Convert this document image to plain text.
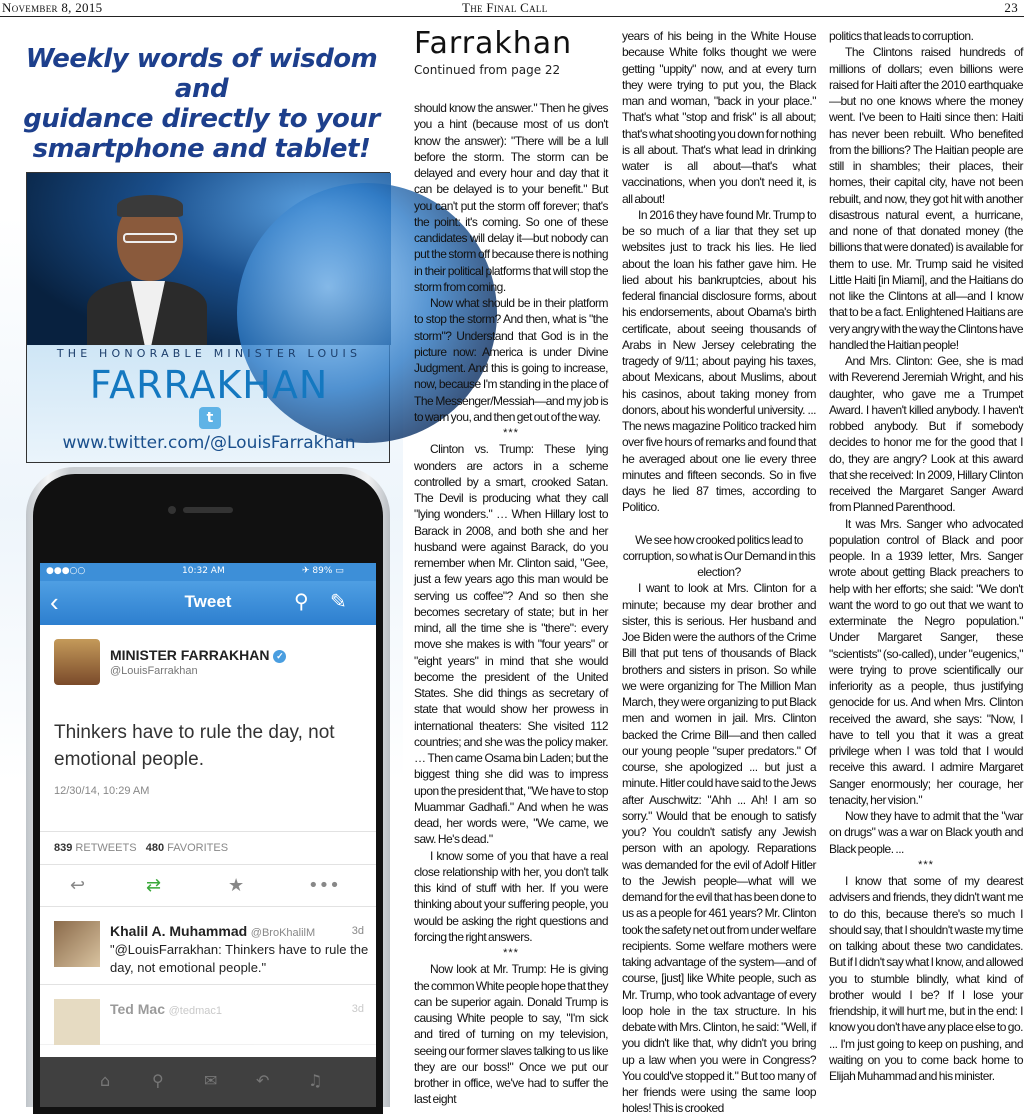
November 8, 2015	The Final Call	23
Weekly words of wisdom and
guidance directly to your
smartphone and tablet!
THE HONORABLE MINISTER LOUIS
FARRAKHAN
t
www.twitter.com/@LouisFarrakhan
●●●○○	10:32 AM	✈ 89% ▭
‹	Tweet	⚲ ✎
MINISTER FARRAKHAN ✓
@LouisFarrakhan
Thinkers have to rule the day, not emotional people.
12/30/14, 10:29 AM
839 RETWEETS 480 FAVORITES
↩	⇄	★	•••
Khalil A. Muhammad @BroKhalilM	3d
"@LouisFarrakhan: Thinkers have to rule the day, not emotional people."
Ted Mac @tedmac1	3d
⌂	⚲	✉ ↶ ♫
Farrakhan
Continued from page 22

should know the answer." Then he gives you a hint (because most of us don't know the answer): "There will be a lull before the storm. The storm can be delayed and every hour and day that it can be delayed is to your benefit." But you can't put the storm off forever; that's the point: it's coming. So one of these candidates will delay it—but nobody can put the storm off because there is nothing in their political platforms that will stop the storm from coming.

Now what should be in their platform to stop the storm? And then, what is "the storm"? Understand that God is in the picture now: America is under Divine Judgment. And this is going to increase, now, because I'm standing in the place of The Messenger/Messiah—and my job is to warn you, and then get out of the way.

***

Clinton vs. Trump: These lying wonders are actors in a scheme controlled by a smart, crooked Satan. The Devil is producing what they call "lying wonders." … When Hillary lost to Barack in 2008, and both she and her husband were against Barack, do you remember when Mr. Clinton said, "Gee, just a few years ago this man would be serving us coffee"? And so then she becomes secretary of state; but in her mind, all the time she is "there": every move she makes is with "four years" or "eight years" in mind that she would become the president of the United States. She did things as secretary of state that would show her prowess in international theaters: She visited 112 countries; and she was the policy maker. … Then came Osama bin Laden; but the biggest thing she did was to impress upon the president that, "We have to stop Muammar Gadhafi." And when he was dead, her words were, "We came, we saw. He's dead."

I know some of you that have a real close relationship with her, you don't talk this kind of stuff with her. If you were thinking about your suffering people, you would be asking the right questions and forcing the right answers.

***

Now look at Mr. Trump: He is giving the common White people hope that they can be superior again. Donald Trump is causing White people to say, "I'm sick and tired of turning on my television, seeing our former slaves talking to us like they are our boss!" Once we put our brother in office, we've had to suffer the last eight

years of his being in the White House because White folks thought we were getting "uppity" now, and at every turn they were trying to put you, the Black man and woman, "back in your place." That's what "stop and frisk" is all about; that's what shooting you down for nothing is all about. That's what lead in drinking water is all about—that's what vaccinations, when you don't need it, is all about!

In 2016 they have found Mr. Trump to be so much of a liar that they set up websites just to track his lies. He lied about the loan his father gave him. He lied about his bankruptcies, about his federal financial disclosure forms, about his endorsements, about Obama's birth certificate, about seeing thousands of Arabs in New Jersey celebrating the tragedy of 9/11; about paying his taxes, about Mexicans, about Muslims, about his casinos, about taking money from donors, about his wonderful university. ... The news magazine Politico tracked him over five hours of remarks and found that he averaged about one lie every three minutes and fifteen seconds. So in five days he lied 87 times, according to Politico.

We see how crooked politics lead to corruption, so what is Our Demand in this election?

I want to look at Mrs. Clinton for a minute; because my dear brother and sister, this is serious. Her husband and Joe Biden were the authors of the Crime Bill that put tens of thousands of Black brothers and sisters in prison. So while we were organizing for The Million Man March, they were organizing to put Black men and women in jail. Mrs. Clinton backed the Crime Bill—and then called our young people "super predators." Of course, she apologized ... but just a minute. Hitler could have said to the Jews after Auschwitz: "Ahh ... Ah! I am so sorry." Would that be enough to satisfy you? You couldn't satisfy any Jewish person with an apology. Reparations was demanded for the evil of Adolf Hitler to the Jewish people—what will we demand for the evil that has been done to us as a people for 461 years? Mr. Clinton took the safety net out from under welfare recipients. Some welfare mothers were taking advantage of the system—and of course, [just] like White people, such as Mr. Trump, who took advantage of every loop hole in the tax structure. In his debate with Mrs. Clinton, he said: "Well, if you didn't like that, why didn't you bring up a law when you were in Congress? You could've stopped it." But too many of her friends were using the same loop holes! This is crooked

politics that leads to corruption.

The Clintons raised hundreds of millions of dollars; even billions were raised for Haiti after the 2010 earthquake—but no one knows where the money went. I've been to Haiti since then: Haiti has never been rebuilt. Who benefited from the billions? The Haitian people are still in shambles; their places, their homes, their capital city, have not been rebuilt, and now, they got hit with another disastrous natural event, a hurricane, and none of that donated money (the billions that were donated) is available for them to use. Mr. Trump said he visited Little Haiti [in Miami], and the Haitians do not like the Clintons at all—and I know that to be a fact. Enlightened Haitians are very angry with the way the Clintons have handled the Haitian people!

And Mrs. Clinton: Gee, she is mad with Reverend Jeremiah Wright, and his daughter, who gave me a Trumpet Award. I haven't killed anybody. I haven't robbed anybody. But if somebody decides to honor me for the good that I do, they are angry? Look at this award that she received: In 2009, Hillary Clinton received the Margaret Sanger Award from Planned Parenthood.

It was Mrs. Sanger who advocated population control of Black and poor people. In a 1939 letter, Mrs. Sanger wrote about getting Black preachers to help with her efforts; she said: "We don't want the word to go out that we want to exterminate the Negro population." Under Margaret Sanger, these "scientists" (so-called), under "eugenics," were trying to prove scientifically our inferiority as a people, thus justifying genocide for us. And when Mrs. Clinton received the award, she says: "Now, I have to tell you that it was a great privilege when I was told that I would receive this award. I admire Margaret Sanger enormously; her courage, her tenacity, her vision."

Now they have to admit that the "war on drugs" was a war on Black youth and Black people. ...

***

I know that some of my dearest advisers and friends, they didn't want me to do this, because there's so much I should say, that I shouldn't waste my time on talking about these two candidates. But if I didn't say what I know, and allowed you to stumble blindly, what kind of brother would I be? If I lose your friendship, it will hurt me, but in the end: I know you don't have any place else to go. ... I'm just going to keep on pushing, and waiting on you to come back home to Elijah Muhammad and his minister.
